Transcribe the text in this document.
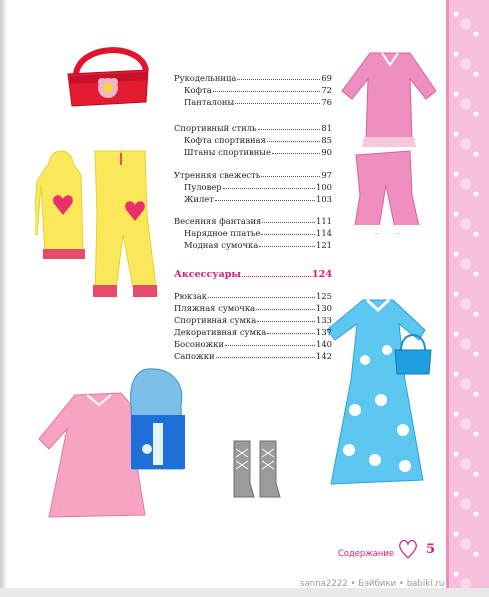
Рукодельница	69
Кофта	72
Панталоны	76
Спортивный стиль	81
Кофта спортивная	85
Штаны спортивные	90
Утренняя свежесть	97
Пуловер	100
Жилет	103
Весенняя фантазия	111
Нарядное платье	114
Модная сумочка	121
Аксессуары	124
Рюкзак	125
Пляжная сумочка	130
Спортивная сумка	133
Декоративная сумка	137
Босоножки	140
Сапожки	142
Содержание 5
sanna2222 • Бэйбики • babiki.ru
